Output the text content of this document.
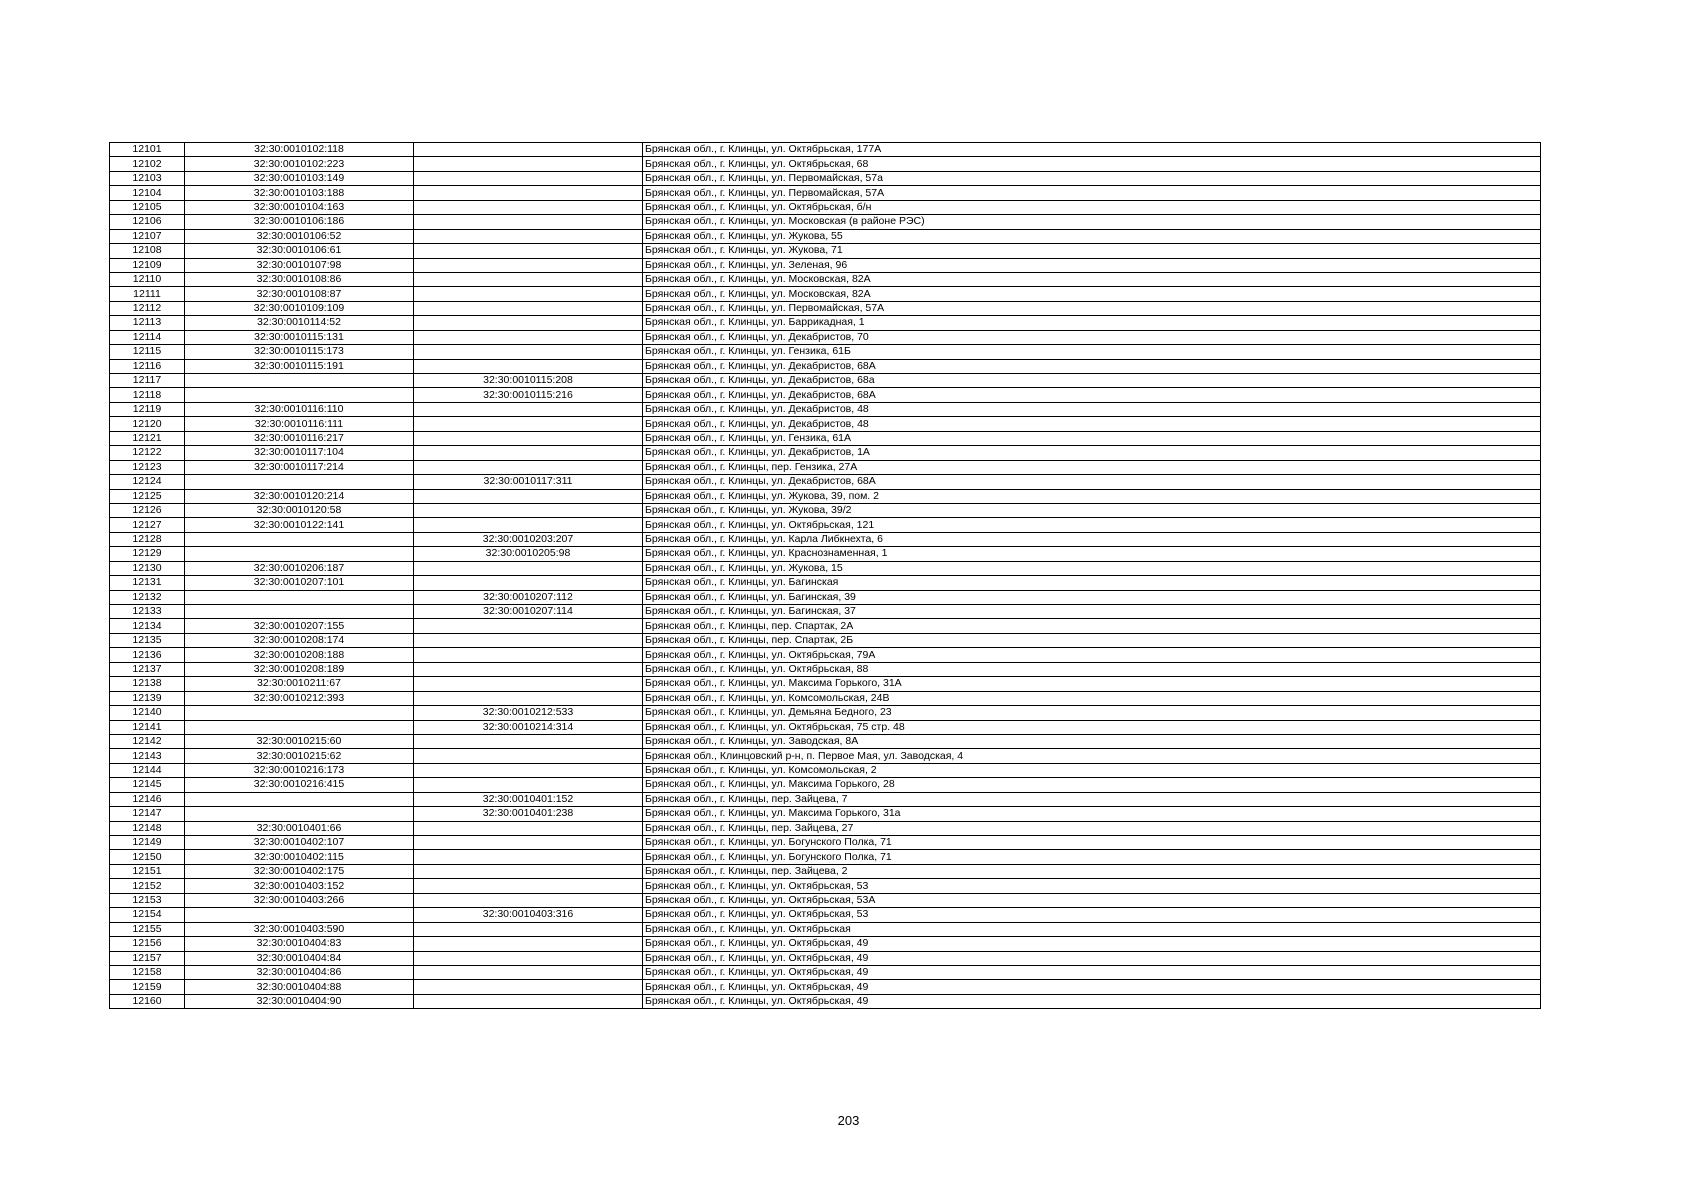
12101	32:30:0010102:118		Брянская обл., г. Клинцы, ул. Октябрьская, 177А
12102	32:30:0010102:223		Брянская обл., г. Клинцы, ул. Октябрьская, 68
12103	32:30:0010103:149		Брянская обл., г. Клинцы, ул. Первомайская, 57а
12104	32:30:0010103:188		Брянская обл., г. Клинцы, ул. Первомайская, 57А
12105	32:30:0010104:163		Брянская обл., г. Клинцы, ул. Октябрьская, б/н
12106	32:30:0010106:186		Брянская обл., г. Клинцы, ул. Московская (в районе РЭС)
12107	32:30:0010106:52		Брянская обл., г. Клинцы, ул. Жукова, 55
12108	32:30:0010106:61		Брянская обл., г. Клинцы, ул. Жукова, 71
12109	32:30:0010107:98		Брянская обл., г. Клинцы, ул. Зеленая, 96
12110	32:30:0010108:86		Брянская обл., г. Клинцы, ул. Московская, 82А
12111	32:30:0010108:87		Брянская обл., г. Клинцы, ул. Московская, 82А
12112	32:30:0010109:109		Брянская обл., г. Клинцы, ул. Первомайская, 57А
12113	32:30:0010114:52		Брянская обл., г. Клинцы, ул. Баррикадная, 1
12114	32:30:0010115:131		Брянская обл., г. Клинцы, ул. Декабристов, 70
12115	32:30:0010115:173		Брянская обл., г. Клинцы, ул. Гензика, 61Б
12116	32:30:0010115:191		Брянская обл., г. Клинцы, ул. Декабристов, 68А
12117		32:30:0010115:208	Брянская обл., г. Клинцы, ул. Декабристов, 68а
12118		32:30:0010115:216	Брянская обл., г. Клинцы, ул. Декабристов, 68А
12119	32:30:0010116:110		Брянская обл., г. Клинцы, ул. Декабристов, 48
12120	32:30:0010116:111		Брянская обл., г. Клинцы, ул. Декабристов, 48
12121	32:30:0010116:217		Брянская обл., г. Клинцы, ул. Гензика, 61А
12122	32:30:0010117:104		Брянская обл., г. Клинцы, ул. Декабристов, 1А
12123	32:30:0010117:214		Брянская обл., г. Клинцы, пер. Гензика, 27А
12124		32:30:0010117:311	Брянская обл., г. Клинцы, ул. Декабристов, 68А
12125	32:30:0010120:214		Брянская обл., г. Клинцы, ул. Жукова, 39, пом. 2
12126	32:30:0010120:58		Брянская обл., г. Клинцы, ул. Жукова, 39/2
12127	32:30:0010122:141		Брянская обл., г. Клинцы, ул. Октябрьская, 121
12128		32:30:0010203:207	Брянская обл., г. Клинцы, ул. Карла Либкнехта, 6
12129		32:30:0010205:98	Брянская обл., г. Клинцы, ул. Краснознаменная, 1
12130	32:30:0010206:187		Брянская обл., г. Клинцы, ул. Жукова, 15
12131	32:30:0010207:101		Брянская обл., г. Клинцы, ул. Багинская
12132		32:30:0010207:112	Брянская обл., г. Клинцы, ул. Багинская, 39
12133		32:30:0010207:114	Брянская обл., г. Клинцы, ул. Багинская, 37
12134	32:30:0010207:155		Брянская обл., г. Клинцы, пер. Спартак, 2А
12135	32:30:0010208:174		Брянская обл., г. Клинцы, пер. Спартак, 2Б
12136	32:30:0010208:188		Брянская обл., г. Клинцы, ул. Октябрьская, 79А
12137	32:30:0010208:189		Брянская обл., г. Клинцы, ул. Октябрьская, 88
12138	32:30:0010211:67		Брянская обл., г. Клинцы, ул. Максима Горького, 31А
12139	32:30:0010212:393		Брянская обл., г. Клинцы, ул. Комсомольская, 24В
12140		32:30:0010212:533	Брянская обл., г. Клинцы, ул. Демьяна Бедного, 23
12141		32:30:0010214:314	Брянская обл., г. Клинцы, ул. Октябрьская, 75 стр. 48
12142	32:30:0010215:60		Брянская обл., г. Клинцы, ул. Заводская, 8А
12143	32:30:0010215:62		Брянская обл., Клинцовский р-н, п. Первое Мая, ул. Заводская, 4
12144	32:30:0010216:173		Брянская обл., г. Клинцы, ул. Комсомольская, 2
12145	32:30:0010216:415		Брянская обл., г. Клинцы, ул. Максима Горького, 28
12146		32:30:0010401:152	Брянская обл., г. Клинцы, пер. Зайцева, 7
12147		32:30:0010401:238	Брянская обл., г. Клинцы, ул. Максима Горького, 31а
12148	32:30:0010401:66		Брянская обл., г. Клинцы, пер. Зайцева, 27
12149	32:30:0010402:107		Брянская обл., г. Клинцы, ул. Богунского Полка, 71
12150	32:30:0010402:115		Брянская обл., г. Клинцы, ул. Богунского Полка, 71
12151	32:30:0010402:175		Брянская обл., г. Клинцы, пер. Зайцева, 2
12152	32:30:0010403:152		Брянская обл., г. Клинцы, ул. Октябрьская, 53
12153	32:30:0010403:266		Брянская обл., г. Клинцы, ул. Октябрьская, 53А
12154		32:30:0010403:316	Брянская обл., г. Клинцы, ул. Октябрьская, 53
12155	32:30:0010403:590		Брянская обл., г. Клинцы, ул. Октябрьская
12156	32:30:0010404:83		Брянская обл., г. Клинцы, ул. Октябрьская, 49
12157	32:30:0010404:84		Брянская обл., г. Клинцы, ул. Октябрьская, 49
12158	32:30:0010404:86		Брянская обл., г. Клинцы, ул. Октябрьская, 49
12159	32:30:0010404:88		Брянская обл., г. Клинцы, ул. Октябрьская, 49
12160	32:30:0010404:90		Брянская обл., г. Клинцы, ул. Октябрьская, 49
203
